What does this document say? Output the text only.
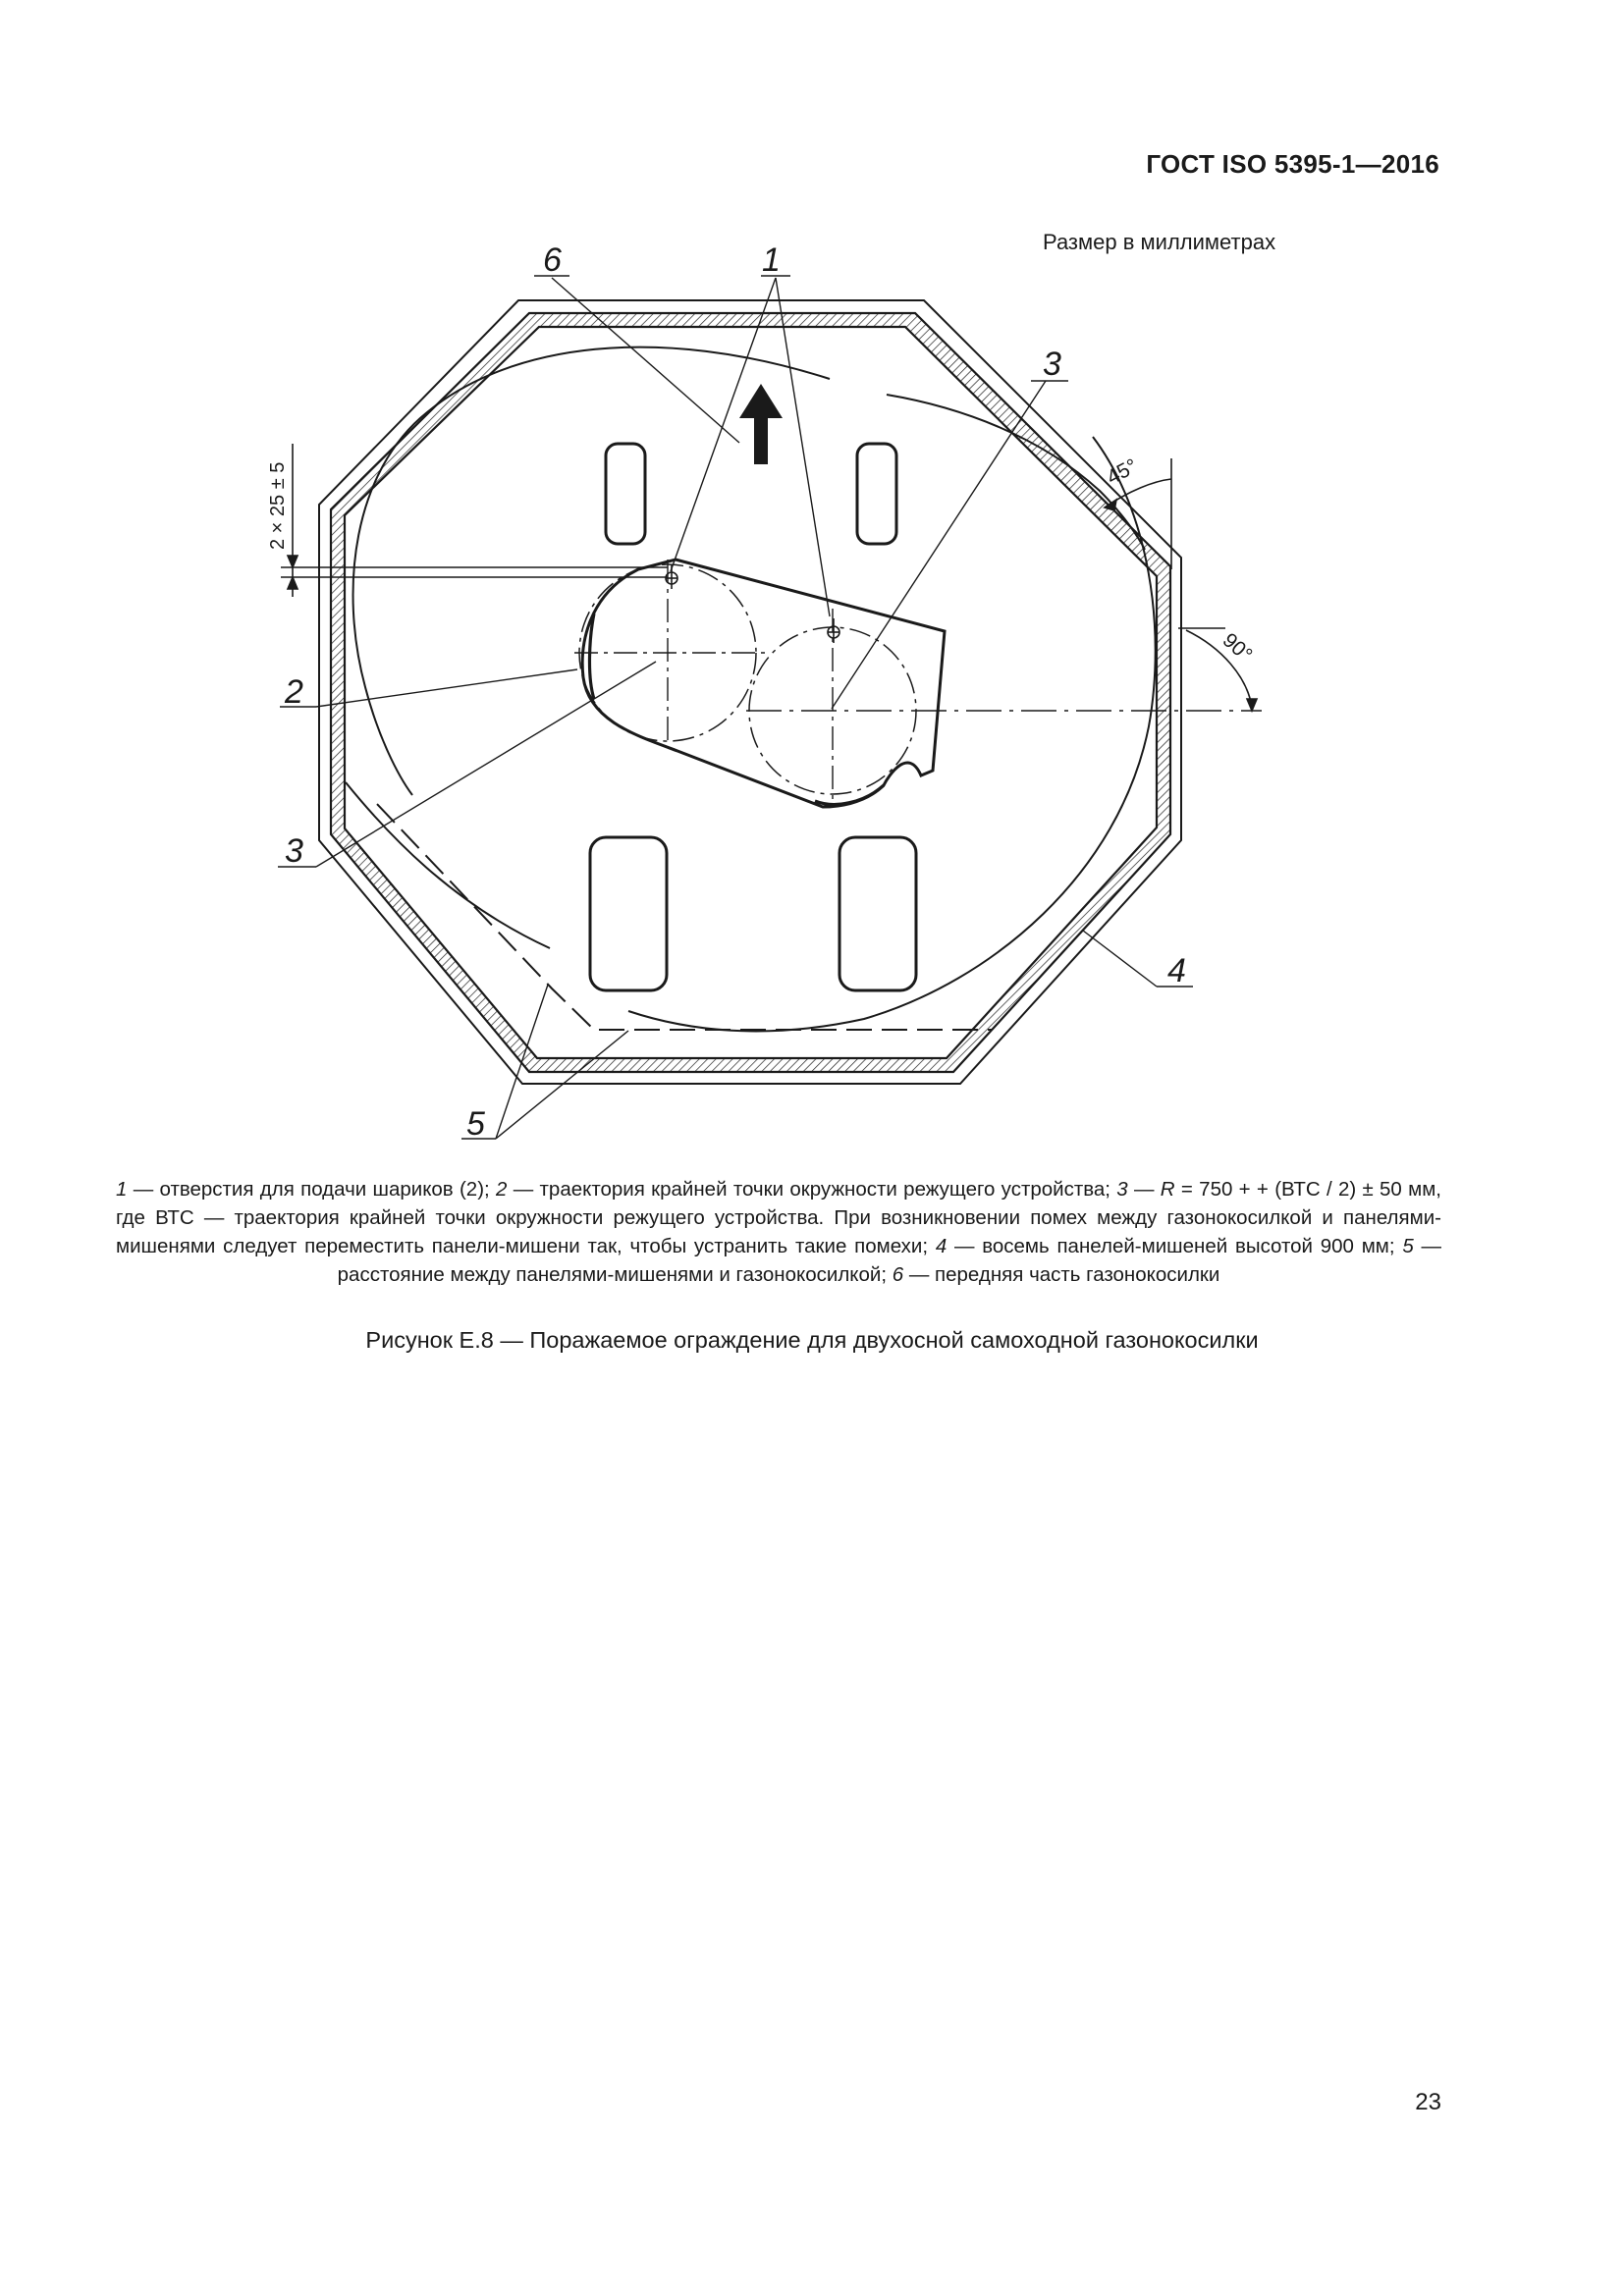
ГОСТ ISO 5395-1—2016
Размер в миллиметрах
2 × 25 ± 5	45°
90°
6	1
3
2
3
4
5
1 — отверстия для подачи шариков (2); 2 — траектория крайней точки окружности режущего устройства; 3 — R = 750 + + (ВТС / 2) ± 50 мм, где ВТС — траектория крайней точки окружности режущего устройства. При возникновении помех между газонокосилкой и панелями-мишенями следует переместить панели-мишени так, чтобы устранить такие помехи; 4 — восемь панелей-мишеней высотой 900 мм; 5 — расстояние между панелями-мишенями и газонокосилкой; 6 — передняя часть газонокосилки
Рисунок Е.8 — Поражаемое ограждение для двухосной самоходной газонокосилки
23
